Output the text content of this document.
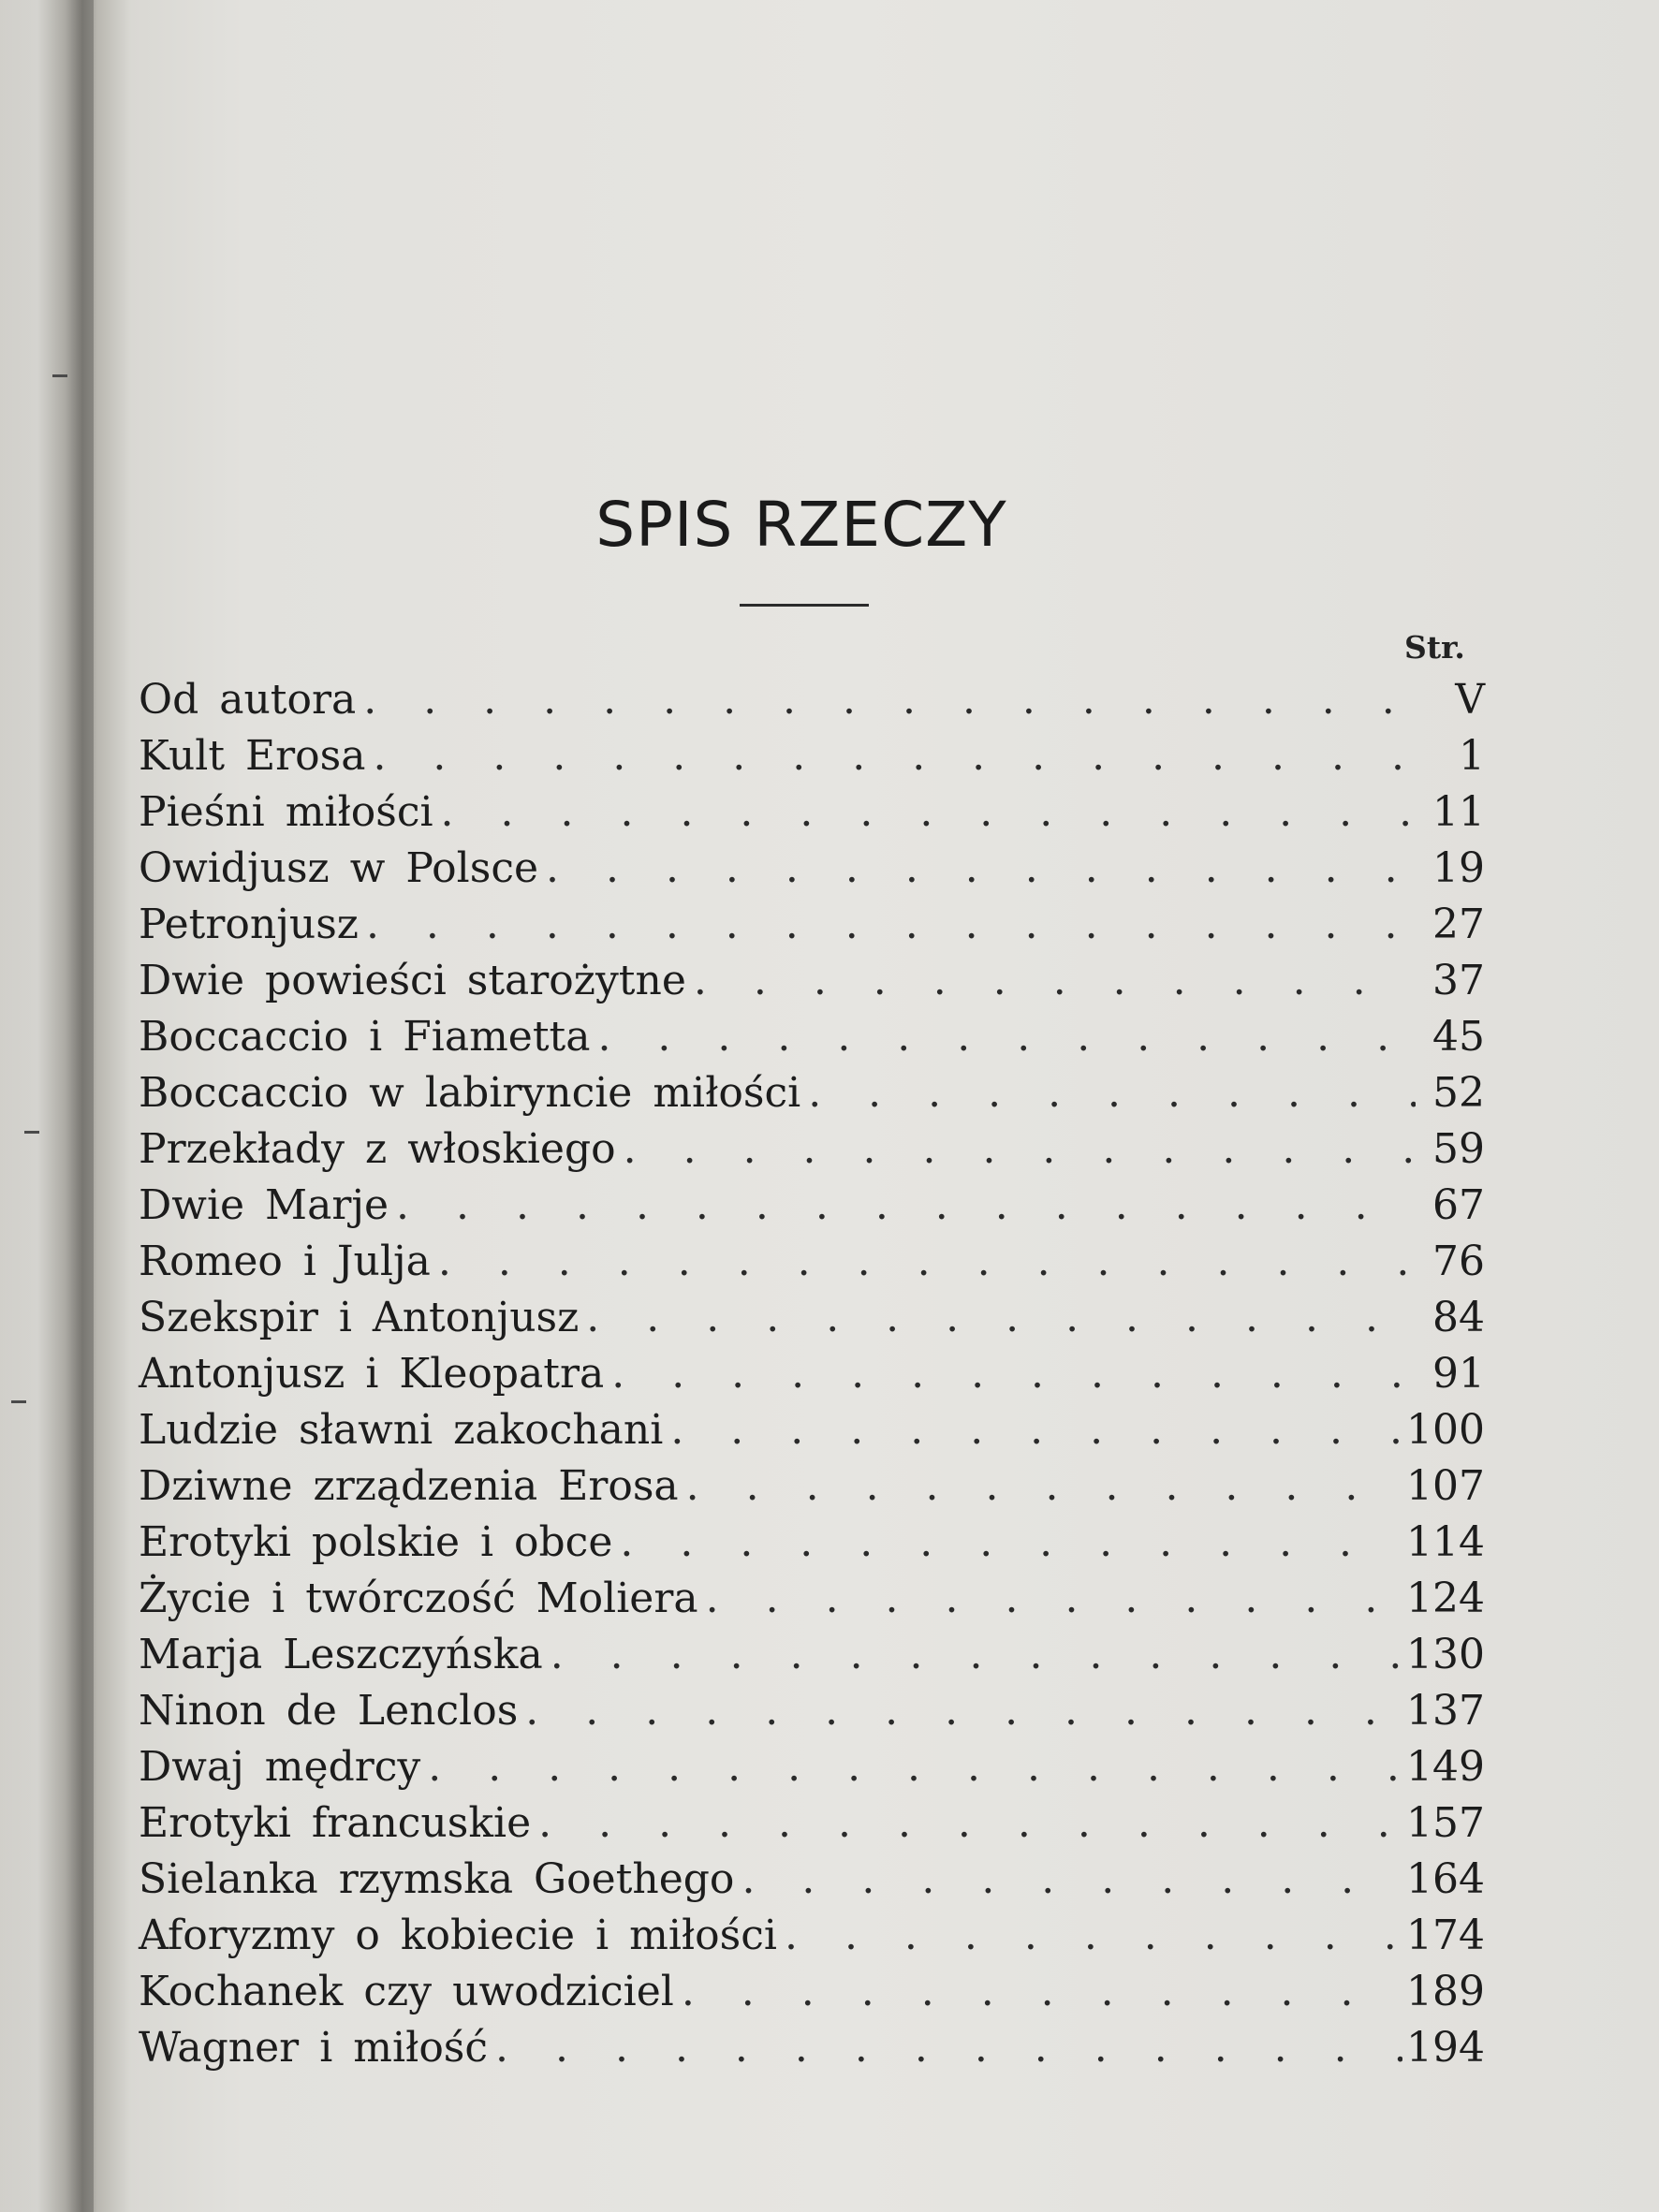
SPIS RZECZY
Str.
Od autora . . .	V
Kult Erosa . . .	1
Pieśni miłości . . .	11
Owidjusz w Polsce . . .	19
Petronjusz . . .	27
Dwie powieści starożytne . . .	37
Boccaccio i Fiametta . . .	45
Boccaccio w labiryncie miłości . . .	52
Przekłady z włoskiego . . .	59
Dwie Marje . . .	67
Romeo i Julja . . .	76
Szekspir i Antonjusz . . .	84
Antonjusz i Kleopatra . . .	91
Ludzie sławni zakochani . . .	100
Dziwne zrządzenia Erosa . . .	107
Erotyki polskie i obce . . .	114
Życie i twórczość Moliera . . .	124
Marja Leszczyńska . . .	130
Ninon de Lenclos . . .	137
Dwaj mędrcy . . .	149
Erotyki francuskie . . .	157
Sielanka rzymska Goethego . . .	164
Aforyzmy o kobiecie i miłości . . .	174
Kochanek czy uwodziciel . . .	189
Wagner i miłość . . .	194
